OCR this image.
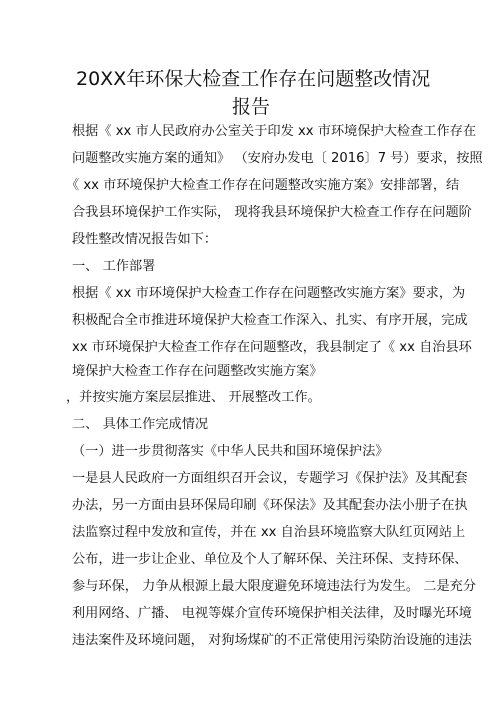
20XX年环保大检查工作存在问题整改情况
报告
根据《 xx 市人民政府办公室关于印发 xx 市环境保护大检查工作存在
问题整改实施方案的通知》 （安府办发电〔 2016〕7 号）要求，按照
《 xx 市环境保护大检查工作存在问题整改实施方案》安排部署，结
合我县环境保护工作实际， 现将我县环境保护大检查工作存在问题阶
段性整改情况报告如下：
一、 工作部署
根据《 xx 市环境保护大检查工作存在问题整改实施方案》要求，为
积极配合全市推进环境保护大检查工作深入、扎实、有序开展，完成
xx 市环境保护大检查工作存在问题整改，我县制定了《 xx 自治县环
境保护大检查工作存在问题整改实施方案》
，并按实施方案层层推进、 开展整改工作。
二、 具体工作完成情况
（一）进一步贯彻落实《中华人民共和国环境保护法》
一是县人民政府一方面组织召开会议，专题学习《保护法》及其配套
办法，另一方面由县环保局印刷《环保法》及其配套办法小册子在执
法监察过程中发放和宣传，并在 xx 自治县环境监察大队红页网站上
公布，进一步让企业、单位及个人了解环保、关注环保、支持环保、
参与环保， 力争从根源上最大限度避免环境违法行为发生。 二是充分
利用网络、广播、 电视等媒介宣传环境保护相关法律，及时曝光环境
违法案件及环境问题， 对狗场煤矿的不正常使用污染防治设施的违法
